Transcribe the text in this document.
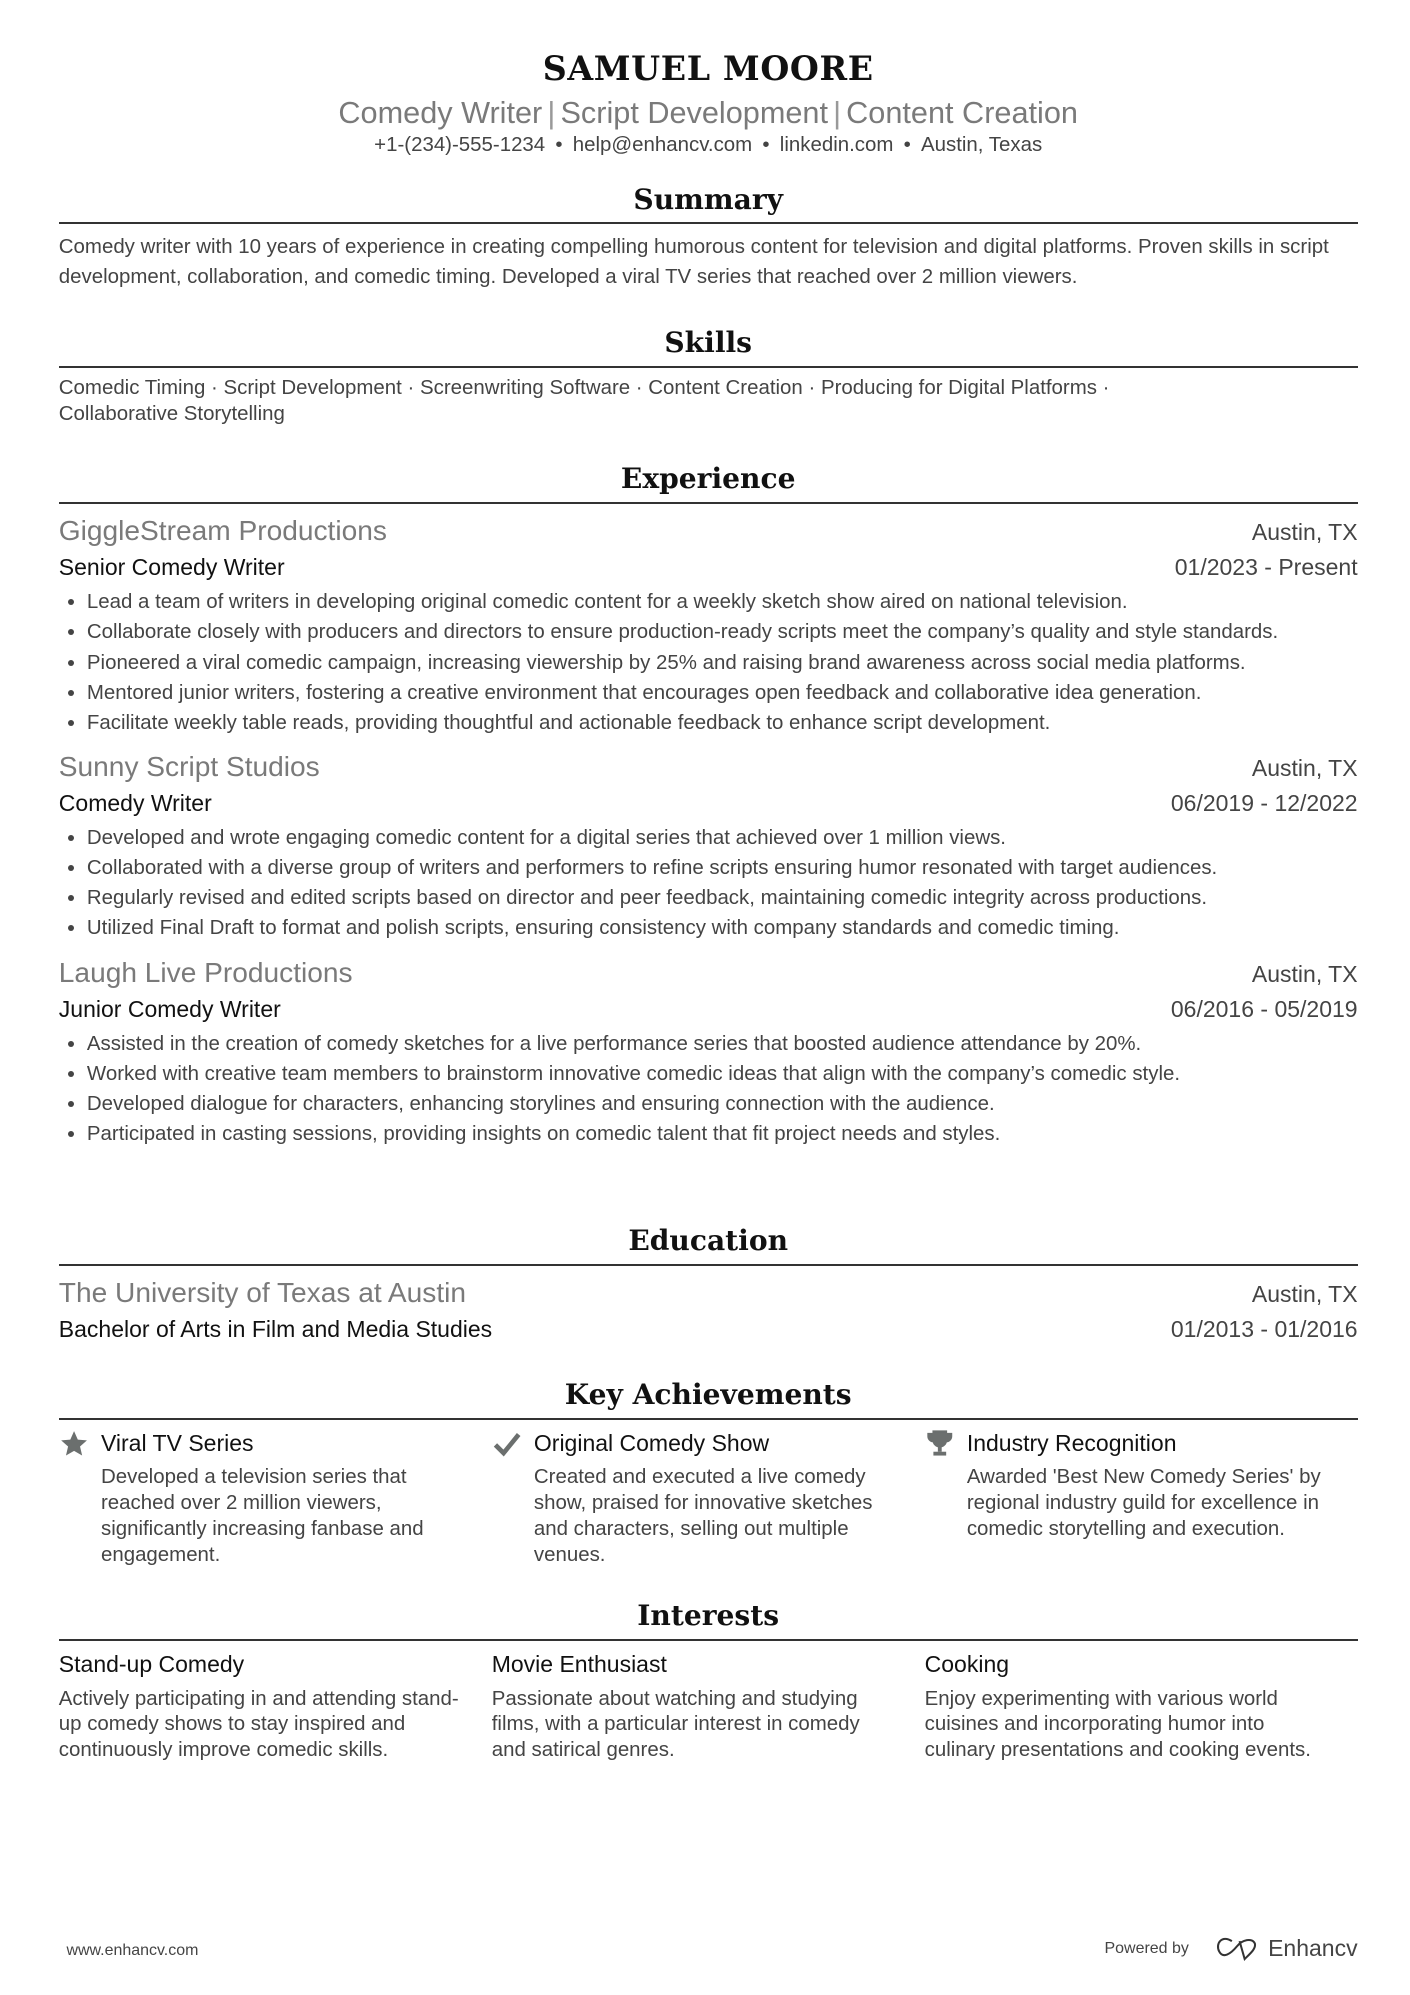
SAMUEL MOORE
Comedy Writer | Script Development | Content Creation
+1-(234)-555-1234 • help@enhancv.com • linkedin.com • Austin, Texas
Summary
Comedy writer with 10 years of experience in creating compelling humorous content for television and digital platforms. Proven skills in script development, collaboration, and comedic timing. Developed a viral TV series that reached over 2 million viewers.
Skills
Comedic Timing · Script Development · Screenwriting Software · Content Creation · Producing for Digital Platforms · Collaborative Storytelling
Experience
GiggleStream Productions	Austin, TX
Senior Comedy Writer	01/2023 - Present
• Lead a team of writers in developing original comedic content for a weekly sketch show aired on national television.
• Collaborate closely with producers and directors to ensure production-ready scripts meet the company’s quality and style standards.
• Pioneered a viral comedic campaign, increasing viewership by 25% and raising brand awareness across social media platforms.
• Mentored junior writers, fostering a creative environment that encourages open feedback and collaborative idea generation.
• Facilitate weekly table reads, providing thoughtful and actionable feedback to enhance script development.
Sunny Script Studios	Austin, TX
Comedy Writer	06/2019 - 12/2022
• Developed and wrote engaging comedic content for a digital series that achieved over 1 million views.
• Collaborated with a diverse group of writers and performers to refine scripts ensuring humor resonated with target audiences.
• Regularly revised and edited scripts based on director and peer feedback, maintaining comedic integrity across productions.
• Utilized Final Draft to format and polish scripts, ensuring consistency with company standards and comedic timing.
Laugh Live Productions	Austin, TX
Junior Comedy Writer	06/2016 - 05/2019
• Assisted in the creation of comedy sketches for a live performance series that boosted audience attendance by 20%.
• Worked with creative team members to brainstorm innovative comedic ideas that align with the company’s comedic style.
• Developed dialogue for characters, enhancing storylines and ensuring connection with the audience.
• Participated in casting sessions, providing insights on comedic talent that fit project needs and styles.
Education
The University of Texas at Austin	Austin, TX
Bachelor of Arts in Film and Media Studies	01/2013 - 01/2016
Key Achievements
Viral TV Series
Developed a television series that reached over 2 million viewers, significantly increasing fanbase and engagement.
Original Comedy Show
Created and executed a live comedy show, praised for innovative sketches and characters, selling out multiple venues.
Industry Recognition
Awarded 'Best New Comedy Series' by regional industry guild for excellence in comedic storytelling and execution.
Interests
Stand-up Comedy
Actively participating in and attending stand-up comedy shows to stay inspired and continuously improve comedic skills.
Movie Enthusiast
Passionate about watching and studying films, with a particular interest in comedy and satirical genres.
Cooking
Enjoy experimenting with various world cuisines and incorporating humor into culinary presentations and cooking events.
www.enhancv.com	Powered by	Enhancv
